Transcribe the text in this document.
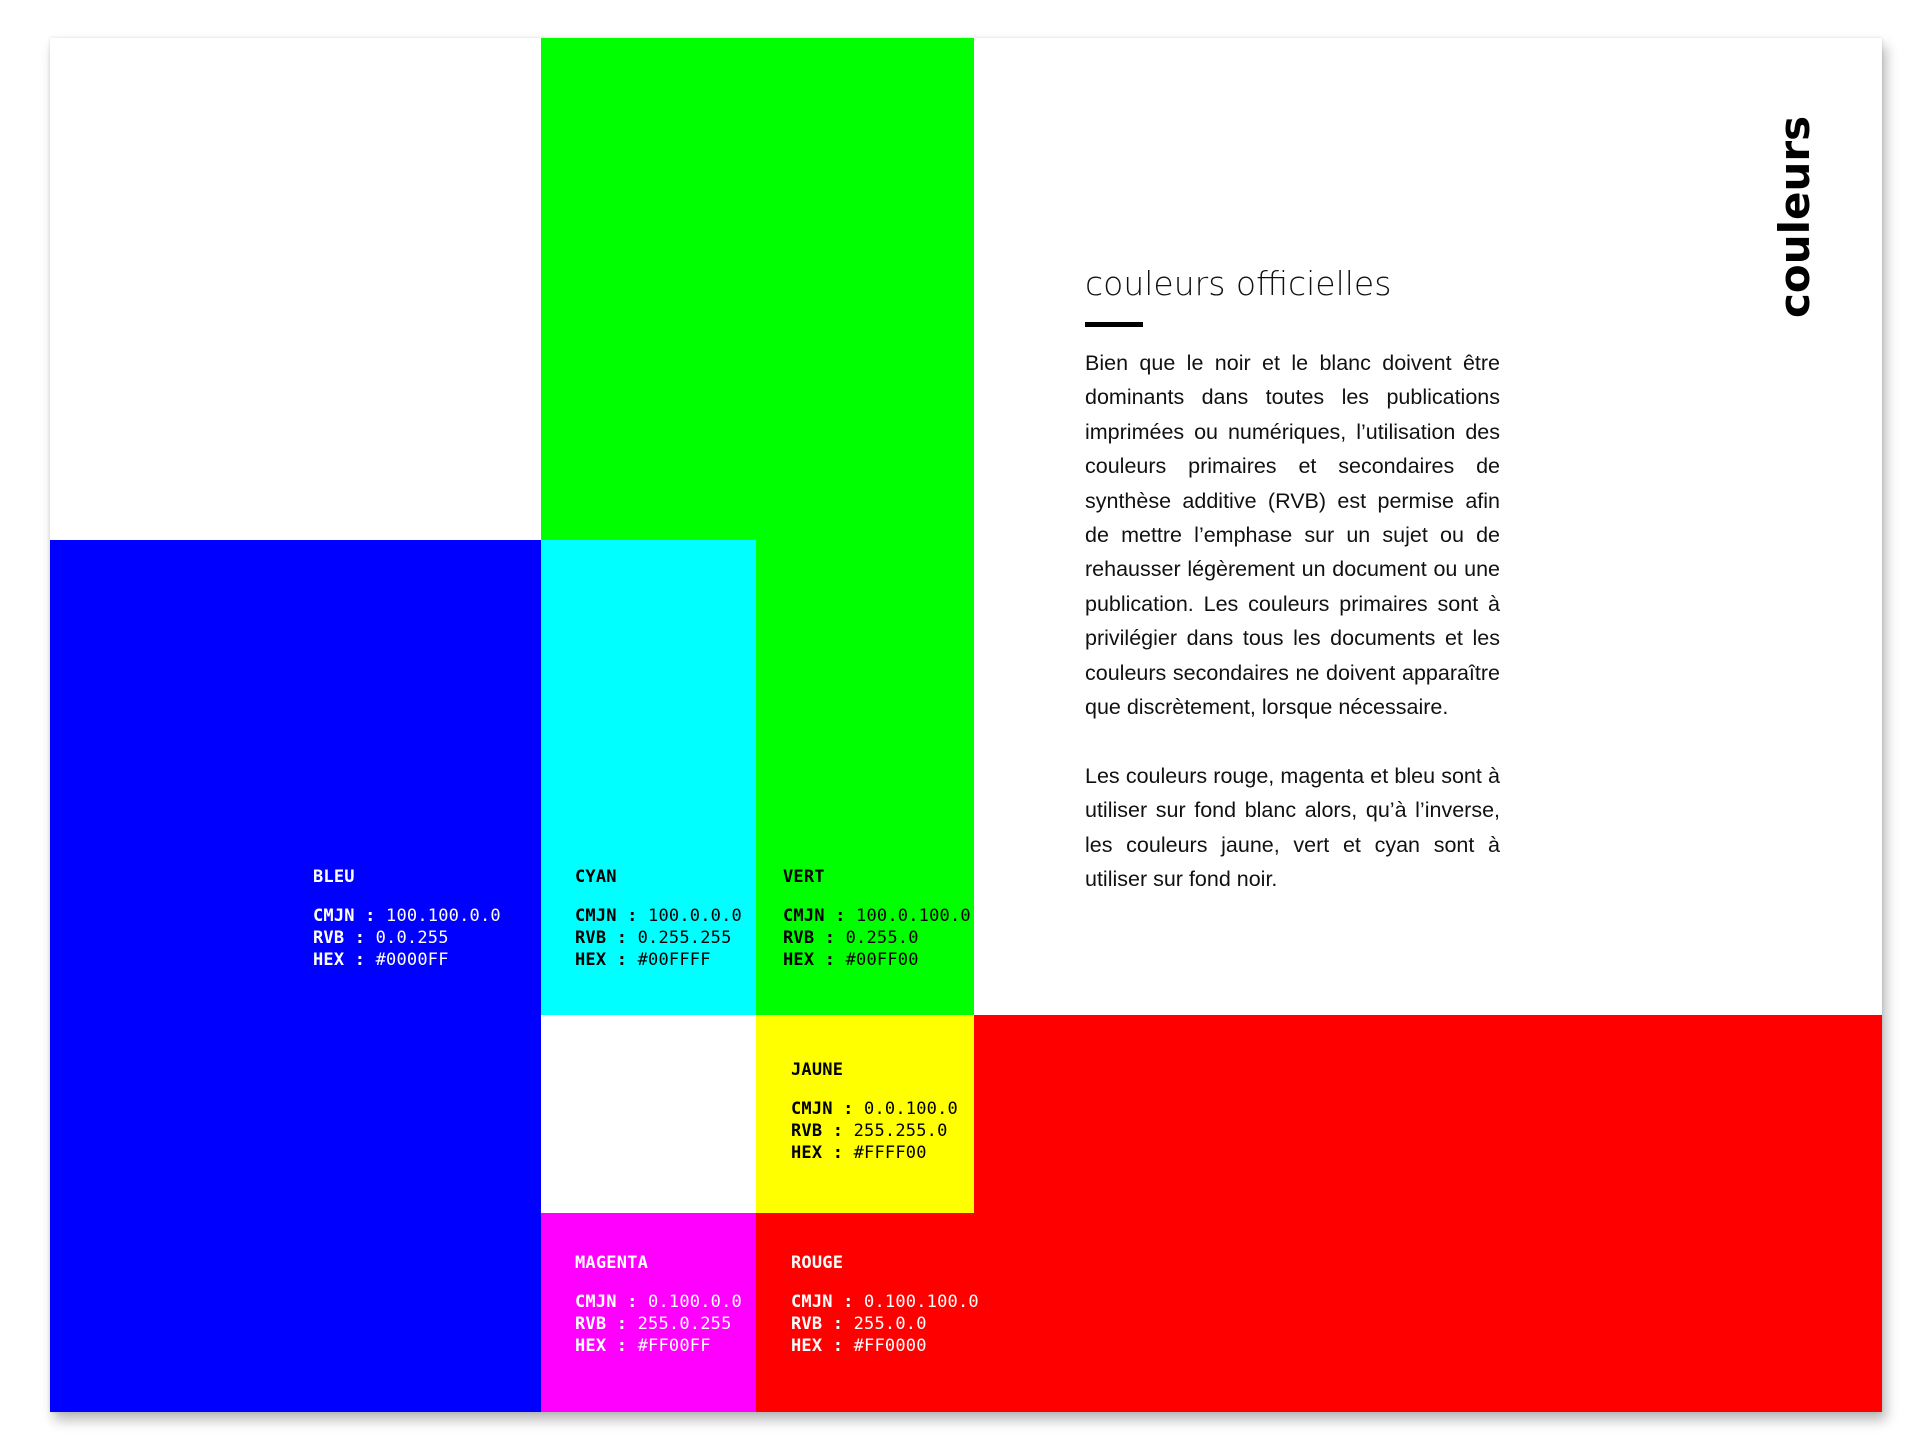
BLEU
CMJN : 100.100.0.0
RVB : 0.0.255
HEX : #0000FF
CYAN
CMJN : 100.0.0.0
RVB : 0.255.255
HEX : #00FFFF
VERT
CMJN : 100.0.100.0
RVB : 0.255.0
HEX : #00FF00
JAUNE
CMJN : 0.0.100.0
RVB : 255.255.0
HEX : #FFFF00
MAGENTA
CMJN : 0.100.0.0
RVB : 255.0.255
HEX : #FF00FF
ROUGE
CMJN : 0.100.100.0
RVB : 255.0.0
HEX : #FF0000
couleurs officielles

Bien que le noir et le blanc doivent être dominants dans toutes les publications imprimées ou numériques, l’utilisation des couleurs primaires et secondaires de synthèse additive (RVB) est permise afin de mettre l’emphase sur un sujet ou de rehausser légèrement un document ou une publication. Les couleurs primaires sont à privilégier dans tous les documents et les couleurs secondaires ne doivent apparaître que discrètement, lorsque nécessaire.

Les couleurs rouge, magenta et bleu sont à utiliser sur fond blanc alors, qu’à l’inverse, les couleurs jaune, vert et cyan sont à utiliser sur fond noir.

couleurs
